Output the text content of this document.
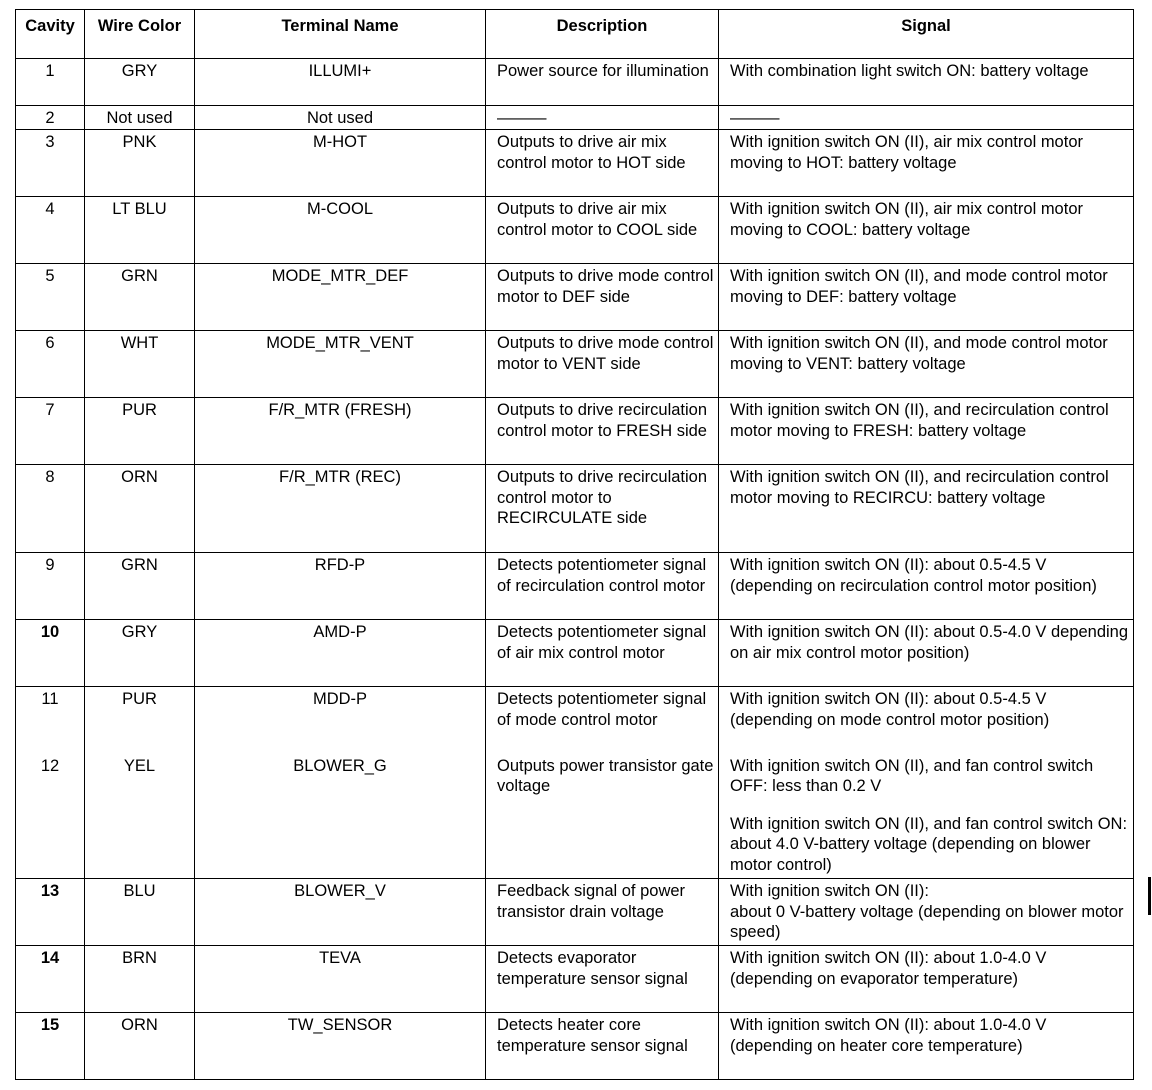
Cavity	Wire Color	Terminal Name	Description	Signal
1	GRY	ILLUMI+	Power source for illumination	With combination light switch ON: battery voltage
2	Not used	Not used	———	———
3	PNK	M-HOT	Outputs to drive air mix control motor to HOT side	With ignition switch ON (II), air mix control motor moving to HOT: battery voltage
4	LT BLU	M-COOL	Outputs to drive air mix control motor to COOL side	With ignition switch ON (II), air mix control motor moving to COOL: battery voltage
5	GRN	MODE_MTR_DEF	Outputs to drive mode control motor to DEF side	With ignition switch ON (II), and mode control motor moving to DEF: battery voltage
6	WHT	MODE_MTR_VENT	Outputs to drive mode control motor to VENT side	With ignition switch ON (II), and mode control motor moving to VENT: battery voltage
7	PUR	F/R_MTR (FRESH)	Outputs to drive recirculation control motor to FRESH side	With ignition switch ON (II), and recirculation control motor moving to FRESH: battery voltage
8	ORN	F/R_MTR (REC)	Outputs to drive recirculation control motor to RECIRCULATE side	With ignition switch ON (II), and recirculation control motor moving to RECIRCU: battery voltage
9	GRN	RFD-P	Detects potentiometer signal of recirculation control motor	With ignition switch ON (II): about 0.5-4.5 V (depending on recirculation control motor position)
10	GRY	AMD-P	Detects potentiometer signal of air mix control motor	With ignition switch ON (II): about 0.5-4.0 V depending on air mix control motor position)
11	PUR	MDD-P	Detects potentiometer signal of mode control motor	With ignition switch ON (II): about 0.5-4.5 V (depending on mode control motor position)
12	YEL	BLOWER_G	Outputs power transistor gate voltage	With ignition switch ON (II), and fan control switch OFF: less than 0.2 V
With ignition switch ON (II), and fan control switch ON: about 4.0 V-battery voltage (depending on blower motor control)
13	BLU	BLOWER_V	Feedback signal of power transistor drain voltage	With ignition switch ON (II):
about 0 V-battery voltage (depending on blower motor speed)
14	BRN	TEVA	Detects evaporator temperature sensor signal	With ignition switch ON (II): about 1.0-4.0 V (depending on evaporator temperature)
15	ORN	TW_SENSOR	Detects heater core temperature sensor signal	With ignition switch ON (II): about 1.0-4.0 V (depending on heater core temperature)
